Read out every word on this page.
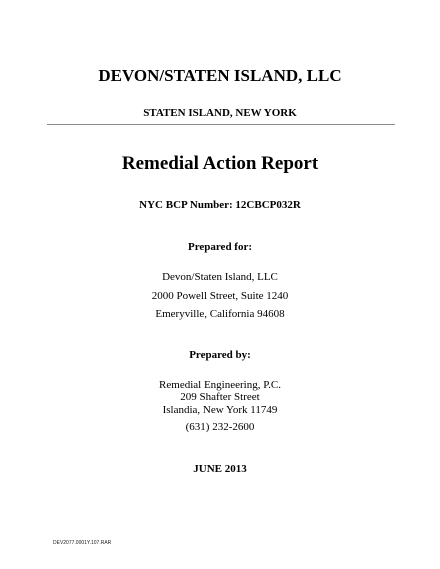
DEVON/STATEN ISLAND, LLC
STATEN ISLAND, NEW YORK
Remedial Action Report
NYC BCP Number: 12CBCP032R
Prepared for:
Devon/Staten Island, LLC
2000 Powell Street, Suite 1240
Emeryville, California 94608
Prepared by:
Remedial Engineering, P.C.
209 Shafter Street
Islandia, New York 11749
(631) 232-2600
JUNE 2013
DEV2077.0001Y.107.RAR
